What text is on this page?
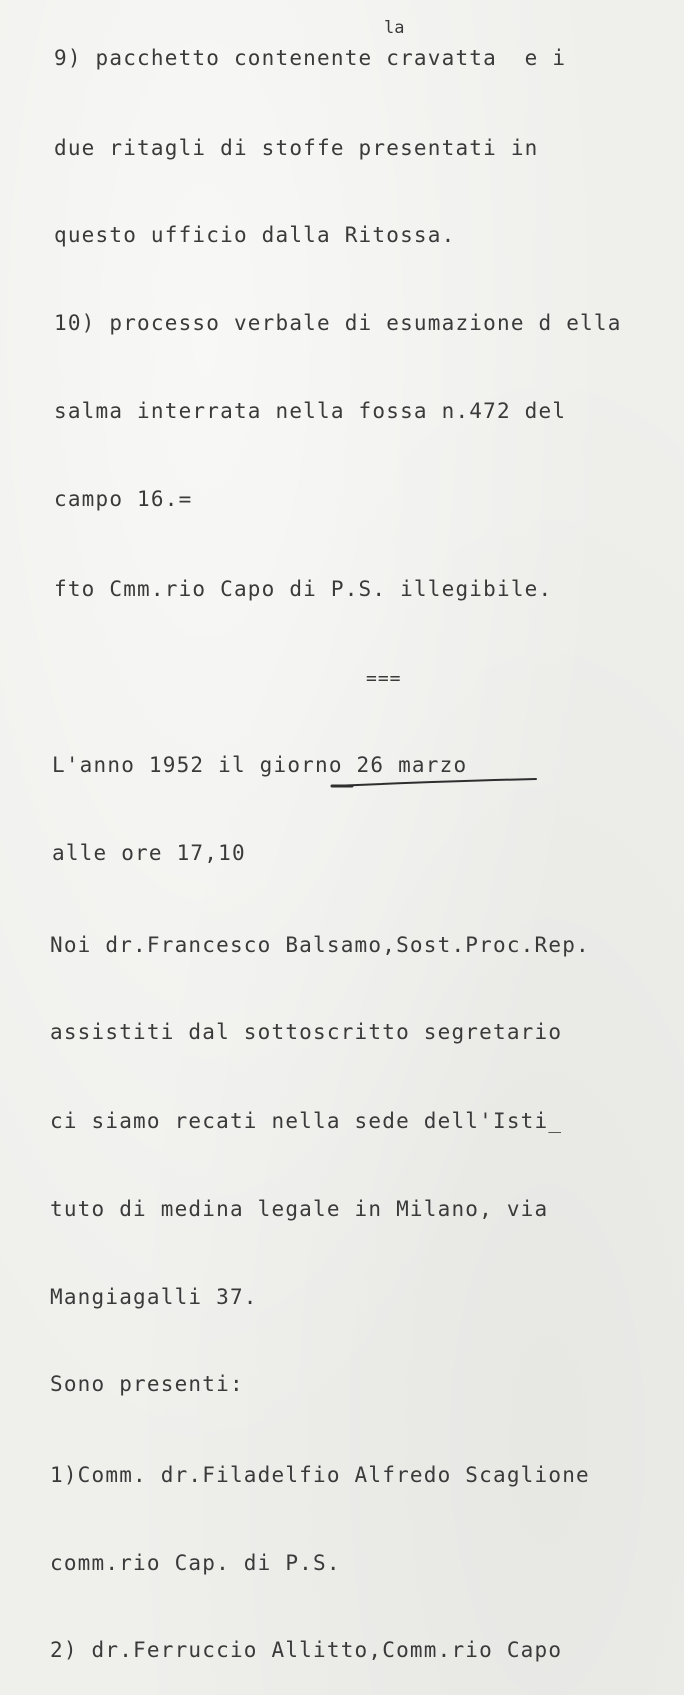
la
9) pacchetto contenente cravatta  e i
due ritagli di stoffe presentati in
questo ufficio dalla Ritossa.
10) processo verbale di esumazione d ella
salma interrata nella fossa n.472 del
campo 16.=
fto Cmm.rio Capo di P.S. illegibile.
===
L'anno 1952 il giorno 26 marzo
alle ore 17,10
Noi dr.Francesco Balsamo,Sost.Proc.Rep.
assistiti dal sottoscritto segretario
ci siamo recati nella sede dell'Isti_
tuto di medina legale in Milano, via
Mangiagalli 37.
Sono presenti:
1)Comm. dr.Filadelfio Alfredo Scaglione
comm.rio Cap. di P.S.
2) dr.Ferruccio Allitto,Comm.rio Capo
